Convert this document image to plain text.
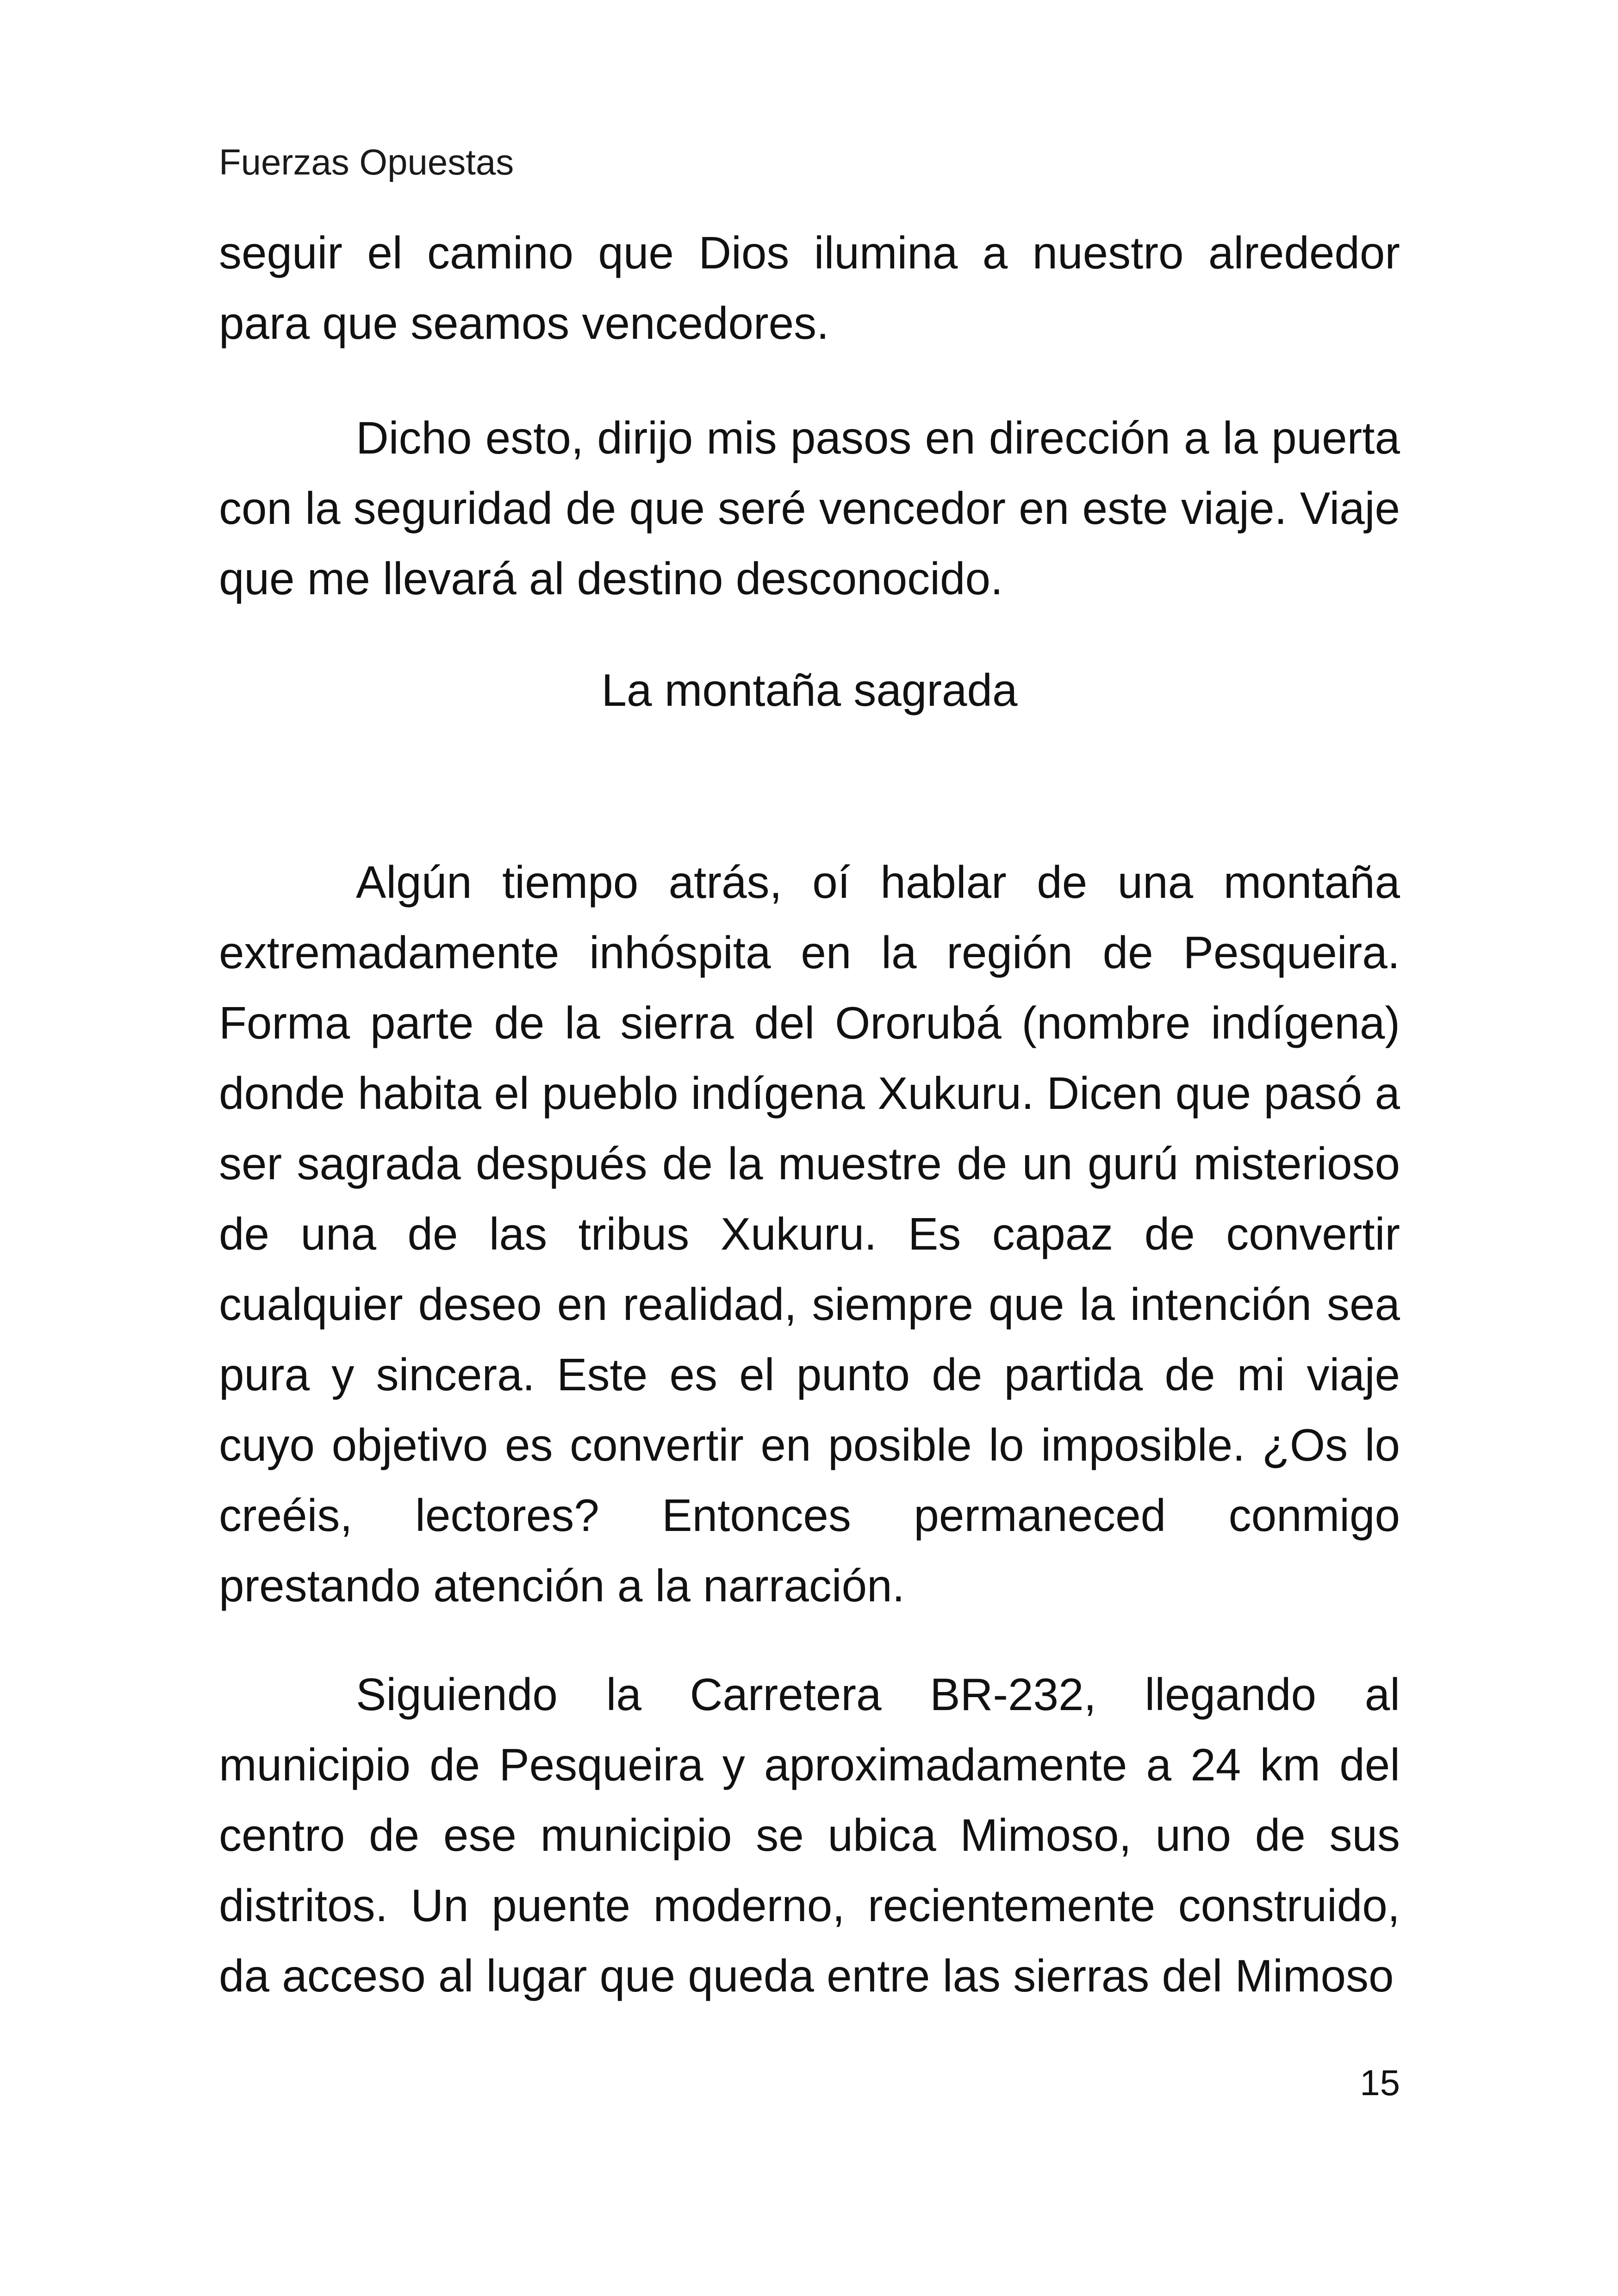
Fuerzas Opuestas

seguir el camino que Dios ilumina a nuestro alrededor para que seamos vencedores.

Dicho esto, dirijo mis pasos en dirección a la puerta con la seguridad de que seré vencedor en este viaje. Viaje que me llevará al destino desconocido.

La montaña sagrada

Algún tiempo atrás, oí hablar de una montaña extremadamente inhóspita en la región de Pesqueira. Forma parte de la sierra del Ororubá (nombre indígena) donde habita el pueblo indígena Xukuru. Dicen que pasó a ser sagrada después de la muestre de un gurú misterioso de una de las tribus Xukuru. Es capaz de convertir cualquier deseo en realidad, siempre que la intención sea pura y sincera. Este es el punto de partida de mi viaje cuyo objetivo es convertir en posible lo imposible. ¿Os lo creéis, lectores? Entonces permaneced conmigo prestando atención a la narración.

Siguiendo la Carretera BR-232, llegando al municipio de Pesqueira y aproximadamente a 24 km del centro de ese municipio se ubica Mimoso, uno de sus distritos. Un puente moderno, recientemente construido, da acceso al lugar que queda entre las sierras del Mimoso

15
